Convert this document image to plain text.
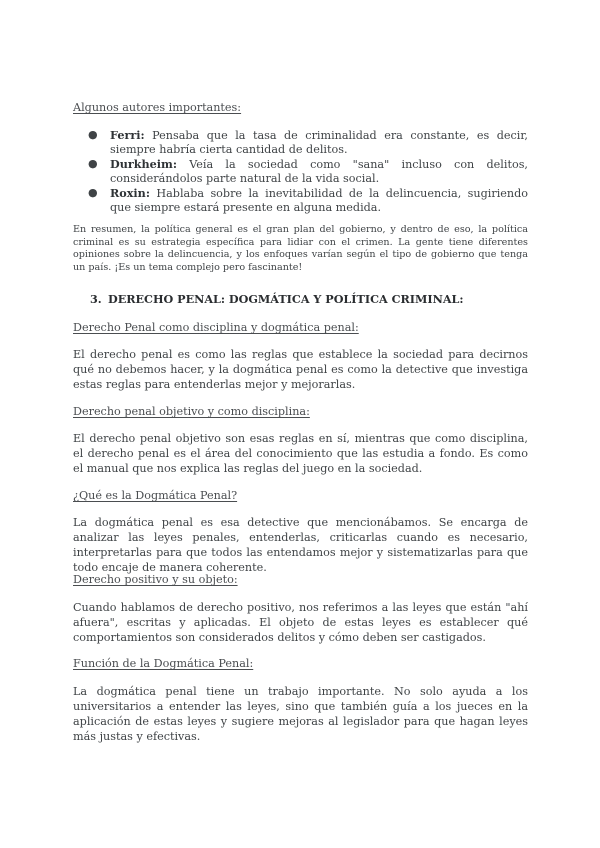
Algunos autores importantes:
● Ferri: Pensaba que la tasa de criminalidad era constante, es decir, siempre habría cierta cantidad de delitos.
● Durkheim: Veía la sociedad como "sana" incluso con delitos, considerándolos parte natural de la vida social.
● Roxin: Hablaba sobre la inevitabilidad de la delincuencia, sugiriendo que siempre estará presente en alguna medida.
En resumen, la política general es el gran plan del gobierno, y dentro de eso, la política criminal es su estrategia específica para lidiar con el crimen. La gente tiene diferentes opiniones sobre la delincuencia, y los enfoques varían según el tipo de gobierno que tenga un país. ¡Es un tema complejo pero fascinante!
3. DERECHO PENAL: DOGMÁTICA Y POLÍTICA CRIMINAL:
Derecho Penal como disciplina y dogmática penal:
El derecho penal es como las reglas que establece la sociedad para decirnos qué no debemos hacer, y la dogmática penal es como la detective que investiga estas reglas para entenderlas mejor y mejorarlas.
Derecho penal objetivo y como disciplina:
El derecho penal objetivo son esas reglas en sí, mientras que como disciplina, el derecho penal es el área del conocimiento que las estudia a fondo. Es como el manual que nos explica las reglas del juego en la sociedad.
¿Qué es la Dogmática Penal?
La dogmática penal es esa detective que mencionábamos. Se encarga de analizar las leyes penales, entenderlas, criticarlas cuando es necesario, interpretarlas para que todos las entendamos mejor y sistematizarlas para que todo encaje de manera coherente.
Derecho positivo y su objeto:
Cuando hablamos de derecho positivo, nos referimos a las leyes que están "ahí afuera", escritas y aplicadas. El objeto de estas leyes es establecer qué comportamientos son considerados delitos y cómo deben ser castigados.
Función de la Dogmática Penal:
La dogmática penal tiene un trabajo importante. No solo ayuda a los universitarios a entender las leyes, sino que también guía a los jueces en la aplicación de estas leyes y sugiere mejoras al legislador para que hagan leyes más justas y efectivas.
